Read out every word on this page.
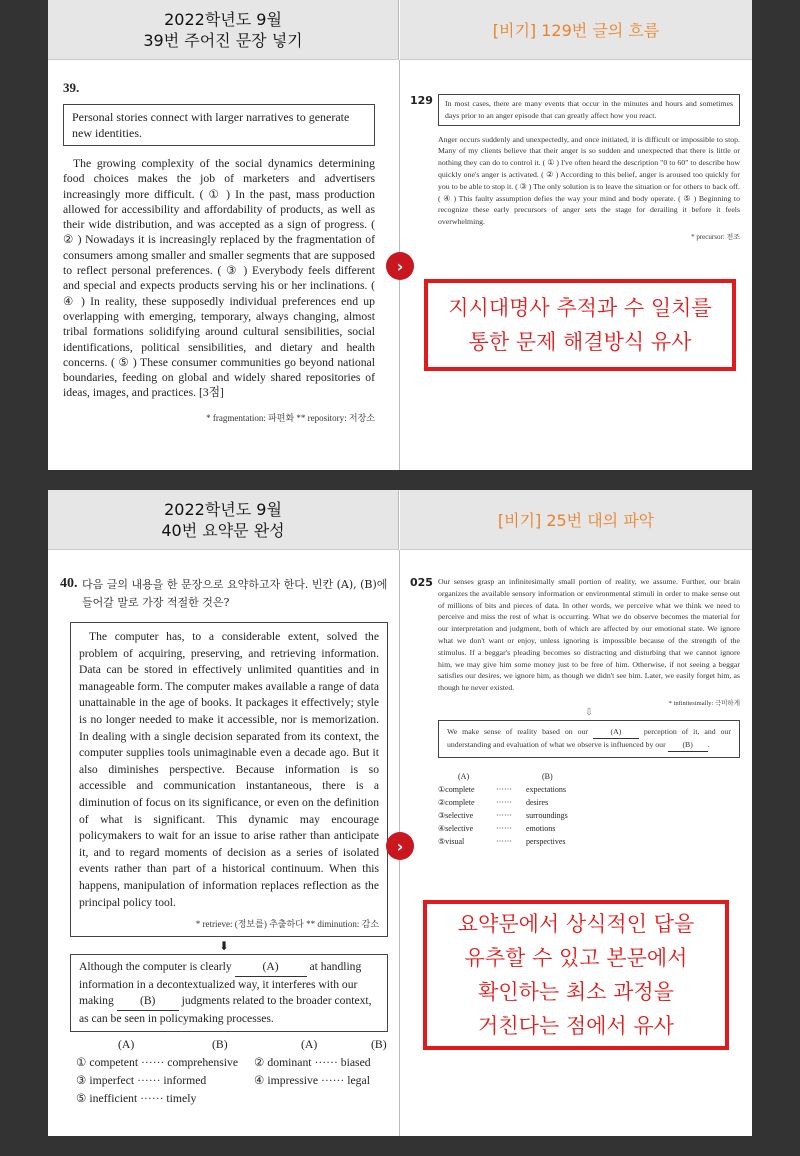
2022학년도 9월
39번 주어진 문장 넣기	[비기] 129번 글의 흐름
39.
Personal stories connect with larger narratives to generate new identities.
The growing complexity of the social dynamics determining food choices makes the job of marketers and advertisers increasingly more difficult. ( ① ) In the past, mass production allowed for accessibility and affordability of products, as well as their wide distribution, and was accepted as a sign of progress. ( ② ) Nowadays it is increasingly replaced by the fragmentation of consumers among smaller and smaller segments that are supposed to reflect personal preferences. ( ③ ) Everybody feels different and special and expects products serving his or her inclinations. ( ④ ) In reality, these supposedly individual preferences end up overlapping with emerging, temporary, always changing, almost tribal formations solidifying around cultural sensibilities, social identifications, political sensibilities, and dietary and health concerns. ( ⑤ ) These consumer communities go beyond national boundaries, feeding on global and widely shared repositories of ideas, images, and practices. [3점]
* fragmentation: 파편화 ** repository: 저장소
129	In most cases, there are many events that occur in the minutes and hours and sometimes days prior to an anger episode that can greatly affect how you react.
Anger occurs suddenly and unexpectedly, and once initiated, it is difficult or impossible to stop. Many of my clients believe that their anger is so sudden and unexpected that there is little or nothing they can do to control it. ( ① ) I've often heard the description "0 to 60" to describe how quickly one's anger is activated. ( ② ) According to this belief, anger is aroused too quickly for you to be able to stop it. ( ③ ) The only solution is to leave the situation or for others to back off. ( ④ ) This faulty assumption defies the way your mind and body operate. ( ⑤ ) Beginning to recognize these early precursors of anger sets the stage for derailing it before it feels overwhelming.
* precursor: 전조
›
지시대명사 추적과 수 일치를
통한 문제 해결방식 유사
2022학년도 9월
40번 요약문 완성	[비기] 25번 대의 파악
40. 다음 글의 내용을 한 문장으로 요약하고자 한다. 빈칸 (A), (B)에 들어갈 말로 가장 적절한 것은?
The computer has, to a considerable extent, solved the problem of acquiring, preserving, and retrieving information. Data can be stored in effectively unlimited quantities and in manageable form. The computer makes available a range of data unattainable in the age of books. It packages it effectively; style is no longer needed to make it accessible, nor is memorization. In dealing with a single decision separated from its context, the computer supplies tools unimaginable even a decade ago. But it also diminishes perspective. Because information is so accessible and communication instantaneous, there is a diminution of focus on its significance, or even on the definition of what is significant. This dynamic may encourage policymakers to wait for an issue to arise rather than anticipate it, and to regard moments of decision as a series of isolated events rather than part of a historical continuum. When this happens, manipulation of information replaces reflection as the principal policy tool.
* retrieve: (정보를) 추출하다 ** diminution: 감소
⬇
Although the computer is clearly	(A)	at handling information in a decontextualized way, it interferes with our making (B) judgments related to the broader context, as can be seen in policymaking processes.
(A)	(B)	(A)	(B)
① competent ······ comprehensive ② dominant ······ biased
③ imperfect ······ informed	④ impressive ······ legal
⑤ inefficient ······ timely
025 Our senses grasp an infinitesimally small portion of reality, we assume. Further, our brain organizes the available sensory information or environmental stimuli in order to make sense out of millions of bits and pieces of data. In other words, we perceive what we think we need to perceive and miss the rest of what is occurring. What we do observe becomes the material for our interpretation and judgment, both of which are affected by our emotional state. We ignore what we don't want or enjoy, unless ignoring is impossible because of the strength of the stimulus. If a beggar's pleading becomes so distracting and disturbing that we cannot ignore him, we may give him some money just to be free of him. Otherwise, if not seeing a beggar satisfies our desires, we ignore him, as though we didn't see him. Later, we easily forget him, as though he never existed.
* infinitesimally: 극미하게
⇩
We make sense of reality based on our	(A)	perception of it, and our understanding and evaluation of what we observe is influenced by our (B) .
(A)	(B)
①complete	······ expectations
②complete	······ desires
③selective	······ surroundings
④selective	······ emotions
⑤visual	······ perspectives
›
요약문에서 상식적인 답을
유추할 수 있고 본문에서
확인하는 최소 과정을
거친다는 점에서 유사
